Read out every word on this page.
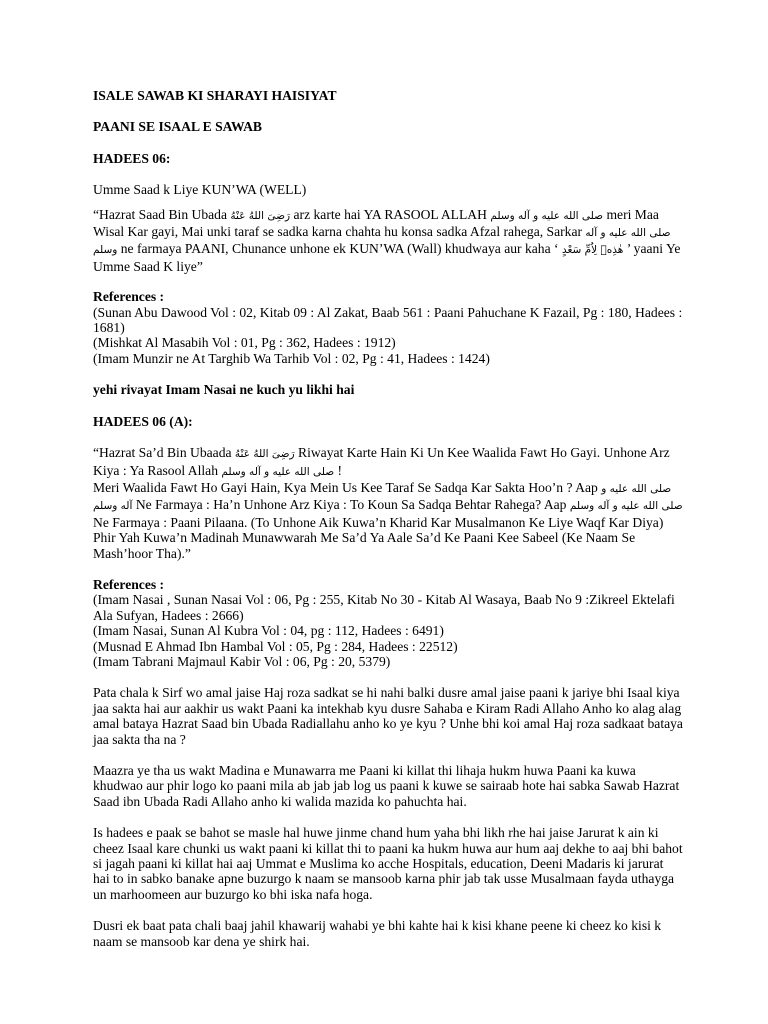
ISALE SAWAB KI SHARAYI HAISIYAT

PAANI SE ISAAL E SAWAB

HADEES 06:

Umme Saad k Liye KUN’WA (WELL)

“Hazrat Saad Bin Ubada رَضِىَ اللهُ عَنْهُ arz karte hai YA RASOOL ALLAH صلى الله عليه و آله وسلم meri Maa Wisal Kar gayi, Mai unki taraf se sadka karna chahta hu konsa sadka Afzal rahega, Sarkar صلى الله عليه و آله وسلم ne farmaya PAANI, Chunance unhone ek KUN’WA (Wall) khudwaya aur kaha ‘ هٰذِهٖ لِاُمِّ سَعْدٍ ’ yaani Ye Umme Saad K liye”

References :

(Sunan Abu Dawood Vol : 02, Kitab 09 : Al Zakat, Baab 561 : Paani Pahuchane K Fazail, Pg : 180, Hadees : 1681)

(Mishkat Al Masabih Vol : 01, Pg : 362, Hadees : 1912)

(Imam Munzir ne At Targhib Wa Tarhib Vol : 02, Pg : 41, Hadees : 1424)

yehi rivayat Imam Nasai ne kuch yu likhi hai

HADEES 06 (A):

“Hazrat Sa’d Bin Ubaada رَضِىَ اللهُ عَنْهُ Riwayat Karte Hain Ki Un Kee Waalida Fawt Ho Gayi. Unhone Arz Kiya : Ya Rasool Allah صلى الله عليه و آله وسلم !
Meri Waalida Fawt Ho Gayi Hain, Kya Mein Us Kee Taraf Se Sadqa Kar Sakta Hoo’n ? Aap صلى الله عليه و آله وسلم Ne Farmaya : Ha’n Unhone Arz Kiya : To Koun Sa Sadqa Behtar Rahega? Aap صلى الله عليه و آله وسلم Ne Farmaya : Paani Pilaana. (To Unhone Aik Kuwa’n Kharid Kar Musalmanon Ke Liye Waqf Kar Diya) Phir Yah Kuwa’n Madinah Munawwarah Me Sa’d Ya Aale Sa’d Ke Paani Kee Sabeel (Ke Naam Se Mash’hoor Tha).”

References :

(Imam Nasai , Sunan Nasai Vol : 06, Pg : 255, Kitab No 30 - Kitab Al Wasaya, Baab No 9 :Zikreel Ektelafi Ala Sufyan, Hadees : 2666)

(Imam Nasai, Sunan Al Kubra Vol : 04, pg : 112, Hadees : 6491)

(Musnad E Ahmad Ibn Hambal Vol : 05, Pg : 284, Hadees : 22512)

(Imam Tabrani Majmaul Kabir Vol : 06, Pg : 20, 5379)

Pata chala k Sirf wo amal jaise Haj roza sadkat se hi nahi balki dusre amal jaise paani k jariye bhi Isaal kiya jaa sakta hai aur aakhir us wakt Paani ka intekhab kyu dusre Sahaba e Kiram Radi Allaho Anho ko alag alag amal bataya Hazrat Saad bin Ubada Radiallahu anho ko ye kyu ? Unhe bhi koi amal Haj roza sadkaat bataya jaa sakta tha na ?

Maazra ye tha us wakt Madina e Munawarra me Paani ki killat thi lihaja hukm huwa Paani ka kuwa khudwao aur phir logo ko paani mila ab jab jab log us paani k kuwe se sairaab hote hai sabka Sawab Hazrat Saad ibn Ubada Radi Allaho anho ki walida mazida ko pahuchta hai.

Is hadees e paak se bahot se masle hal huwe jinme chand hum yaha bhi likh rhe hai jaise Jarurat k ain ki cheez Isaal kare chunki us wakt paani ki killat thi to paani ka hukm huwa aur hum aaj dekhe to aaj bhi bahot si jagah paani ki killat hai aaj Ummat e Muslima ko acche Hospitals, education, Deeni Madaris ki jarurat hai to in sabko banake apne buzurgo k naam se mansoob karna phir jab tak usse Musalmaan fayda uthayga un marhoomeen aur buzurgo ko bhi iska nafa hoga.

Dusri ek baat pata chali baaj jahil khawarij wahabi ye bhi kahte hai k kisi khane peene ki cheez ko kisi k naam se mansoob kar dena ye shirk hai.
